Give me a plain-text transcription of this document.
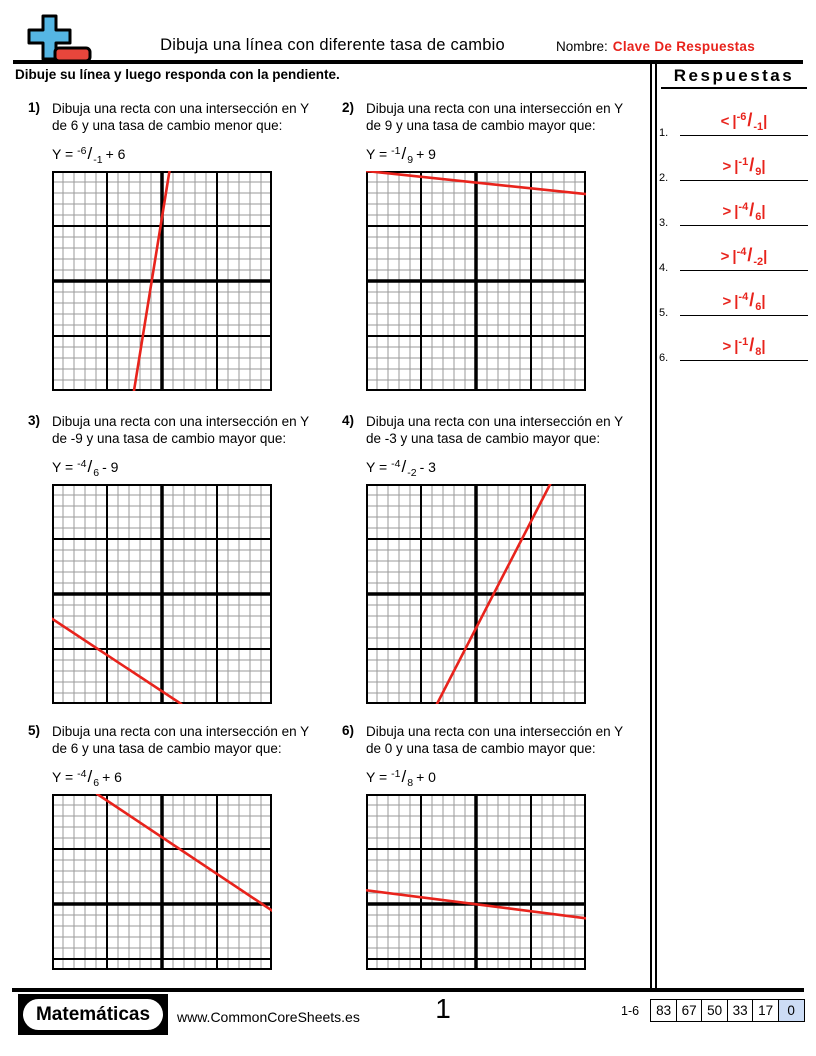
Dibuja una línea con diferente tasa de cambio	Nombre: Clave De Respuestas
Dibuje su línea y luego responda con la pendiente.	Respuestas
1.
< $|^{-6}/_{-1}|$
2.
> $|^{-1}/_9|$
3.
> $|^{-4}/_6|$
4.
> $|^{-4}/_{-2}|$
5.
> $|^{-4}/_6|$
6.
> $|^{-1}/_8|$
1) Dibuja una recta con una intersección en Y de 6 y una tasa de cambio menor que:
$Y = ^{-6}/_{-1} + 6$
2) Dibuja una recta con una intersección en Y de 9 y una tasa de cambio mayor que:
$Y = ^{-1}/_9 + 9$
3) Dibuja una recta con una intersección en Y de -9 y una tasa de cambio mayor que:
$Y = ^{-4}/_6 - 9$
4) Dibuja una recta con una intersección en Y de -3 y una tasa de cambio mayor que:
$Y = ^{-4}/_{-2} - 3$
5) Dibuja una recta con una intersección en Y de 6 y una tasa de cambio mayor que:
$Y = ^{-4}/_6 + 6$
6) Dibuja una recta con una intersección en Y de 0 y una tasa de cambio mayor que:
$Y = ^{-1}/_8 + 0$
Matemáticas	www.CommonCoreSheets.es	1	1-6	83 67 50 33 17	0
